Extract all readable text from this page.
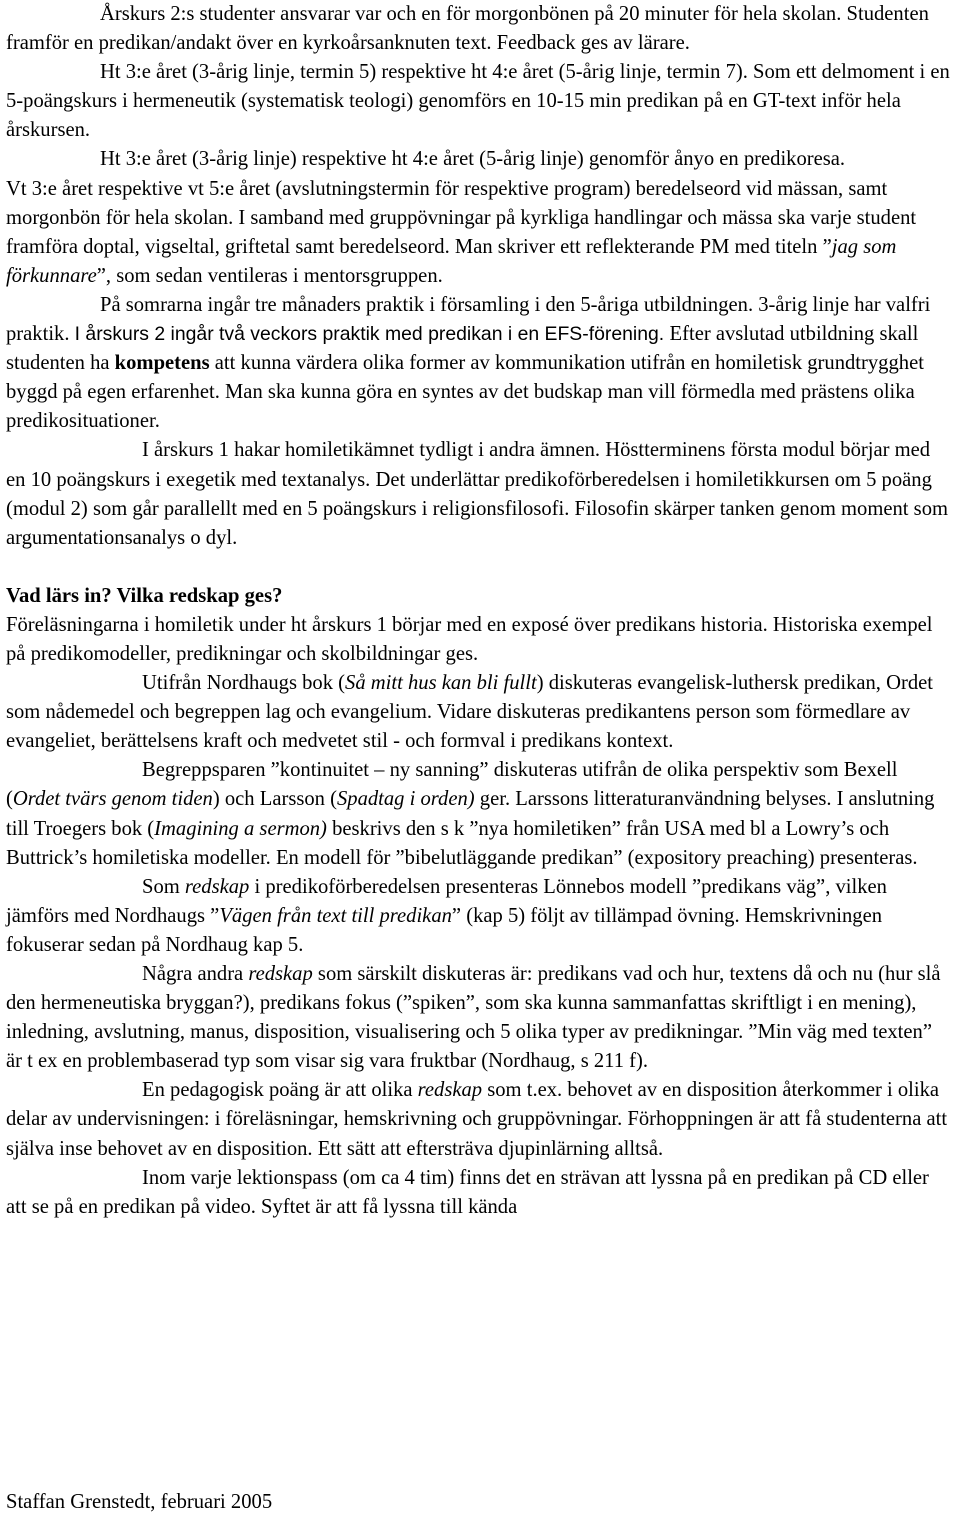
Årskurs 2:s studenter ansvarar var och en för morgonbönen på 20 minuter för hela skolan. Studenten framför en predikan/andakt över en kyrkoårsanknuten text. Feedback ges av lärare.

Ht 3:e året (3-årig linje, termin 5) respektive ht 4:e året (5-årig linje, termin 7). Som ett delmoment i en 5-poängskurs i hermeneutik (systematisk teologi) genomförs en 10-15 min predikan på en GT-text inför hela årskursen.

Ht 3:e året (3-årig linje) respektive ht 4:e året (5-årig linje) genomför ånyo en predikoresa.

Vt 3:e året respektive vt 5:e året (avslutningstermin för respektive program) beredelseord vid mässan, samt morgonbön för hela skolan. I samband med gruppövningar på kyrkliga handlingar och mässa ska varje student framföra doptal, vigseltal, griftetal samt beredelseord. Man skriver ett reflekterande PM med titeln ”jag som förkunnare”, som sedan ventileras i mentorsgruppen.

På somrarna ingår tre månaders praktik i församling i den 5-åriga utbildningen. 3-årig linje har valfri praktik. I årskurs 2 ingår två veckors praktik med predikan i en EFS-förening. Efter avslutad utbildning skall studenten ha kompetens att kunna värdera olika former av kommunikation utifrån en homiletisk grundtrygghet byggd på egen erfarenhet. Man ska kunna göra en syntes av det budskap man vill förmedla med prästens olika predikosituationer.

I årskurs 1 hakar homiletikämnet tydligt i andra ämnen. Höstterminens första modul börjar med en 10 poängskurs i exegetik med textanalys. Det underlättar predikoförberedelsen i homiletikkursen om 5 poäng (modul 2) som går parallellt med en 5 poängskurs i religionsfilosofi. Filosofin skärper tanken genom moment som argumentationsanalys o dyl.

Vad lärs in? Vilka redskap ges?

Föreläsningarna i homiletik under ht årskurs 1 börjar med en exposé över predikans historia. Historiska exempel på predikomodeller, predikningar och skolbildningar ges.

Utifrån Nordhaugs bok (Så mitt hus kan bli fullt) diskuteras evangelisk-luthersk predikan, Ordet som nådemedel och begreppen lag och evangelium. Vidare diskuteras predikantens person som förmedlare av evangeliet, berättelsens kraft och medvetet stil - och formval i predikans kontext.

Begreppsparen ”kontinuitet – ny sanning” diskuteras utifrån de olika perspektiv som Bexell (Ordet tvärs genom tiden) och Larsson (Spadtag i orden) ger. Larssons litteraturanvändning belyses. I anslutning till Troegers bok (Imagining a sermon) beskrivs den s k ”nya homiletiken” från USA med bl a Lowry’s och Buttrick’s homiletiska modeller. En modell för ”bibelutläggande predikan” (expository preaching) presenteras.

Som redskap i predikoförberedelsen presenteras Lönnebos modell ”predikans väg”, vilken jämförs med Nordhaugs ”Vägen från text till predikan” (kap 5) följt av tillämpad övning. Hemskrivningen fokuserar sedan på Nordhaug kap 5.

Några andra redskap som särskilt diskuteras är: predikans vad och hur, textens då och nu (hur slå den hermeneutiska bryggan?), predikans fokus (”spiken”, som ska kunna sammanfattas skriftligt i en mening), inledning, avslutning, manus, disposition, visualisering och 5 olika typer av predikningar. ”Min väg med texten” är t ex en problembaserad typ som visar sig vara fruktbar (Nordhaug, s 211 f).

En pedagogisk poäng är att olika redskap som t.ex. behovet av en disposition återkommer i olika delar av undervisningen: i föreläsningar, hemskrivning och gruppövningar. Förhoppningen är att få studenterna att själva inse behovet av en disposition. Ett sätt att eftersträva djupinlärning alltså.

Inom varje lektionspass (om ca 4 tim) finns det en strävan att lyssna på en predikan på CD eller att se på en predikan på video. Syftet är att få lyssna till kända

Staffan Grenstedt, februari 2005
